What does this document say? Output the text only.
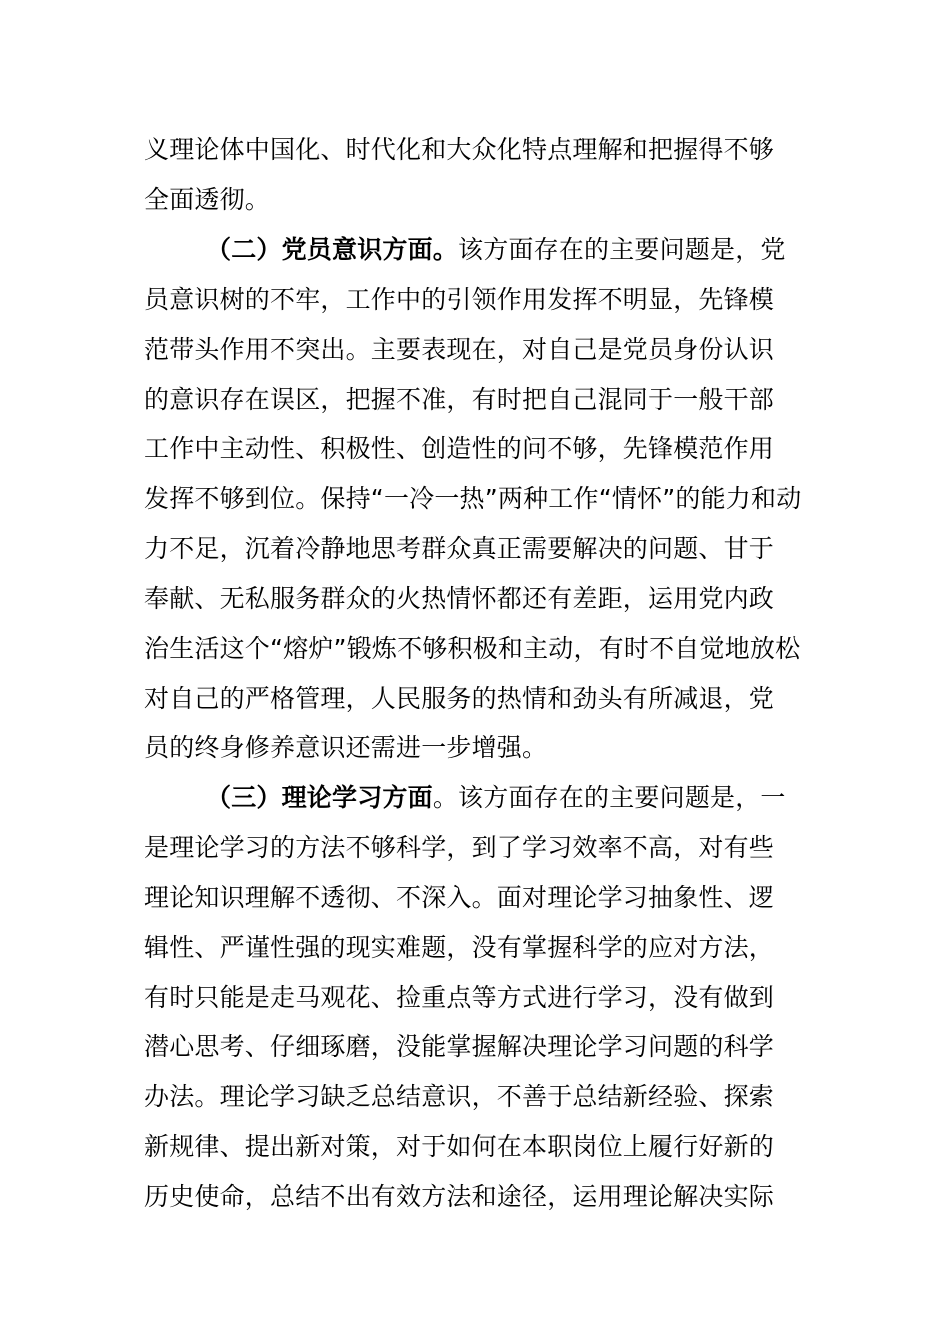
义理论体中国化、时代化和大众化特点理解和把握得不够
全面透彻。
（二）党员意识方面。该方面存在的主要问题是，党
员意识树的不牢，工作中的引领作用发挥不明显，先锋模
范带头作用不突出。主要表现在，对自己是党员身份认识
的意识存在误区，把握不准，有时把自己混同于一般干部
工作中主动性、积极性、创造性的问不够，先锋模范作用
发挥不够到位。保持“一冷一热”两种工作“情怀”的能力和动
力不足，沉着冷静地思考群众真正需要解决的问题、甘于
奉献、无私服务群众的火热情怀都还有差距，运用党内政
治生活这个“熔炉”锻炼不够积极和主动，有时不自觉地放松
对自己的严格管理，人民服务的热情和劲头有所减退，党
员的终身修养意识还需进一步增强。
（三）理论学习方面。该方面存在的主要问题是，一
是理论学习的方法不够科学，到了学习效率不高，对有些
理论知识理解不透彻、不深入。面对理论学习抽象性、逻
辑性、严谨性强的现实难题，没有掌握科学的应对方法，
有时只能是走马观花、捡重点等方式进行学习，没有做到
潜心思考、仔细琢磨，没能掌握解决理论学习问题的科学
办法。理论学习缺乏总结意识，不善于总结新经验、探索
新规律、提出新对策，对于如何在本职岗位上履行好新的
历史使命，总结不出有效方法和途径，运用理论解决实际
